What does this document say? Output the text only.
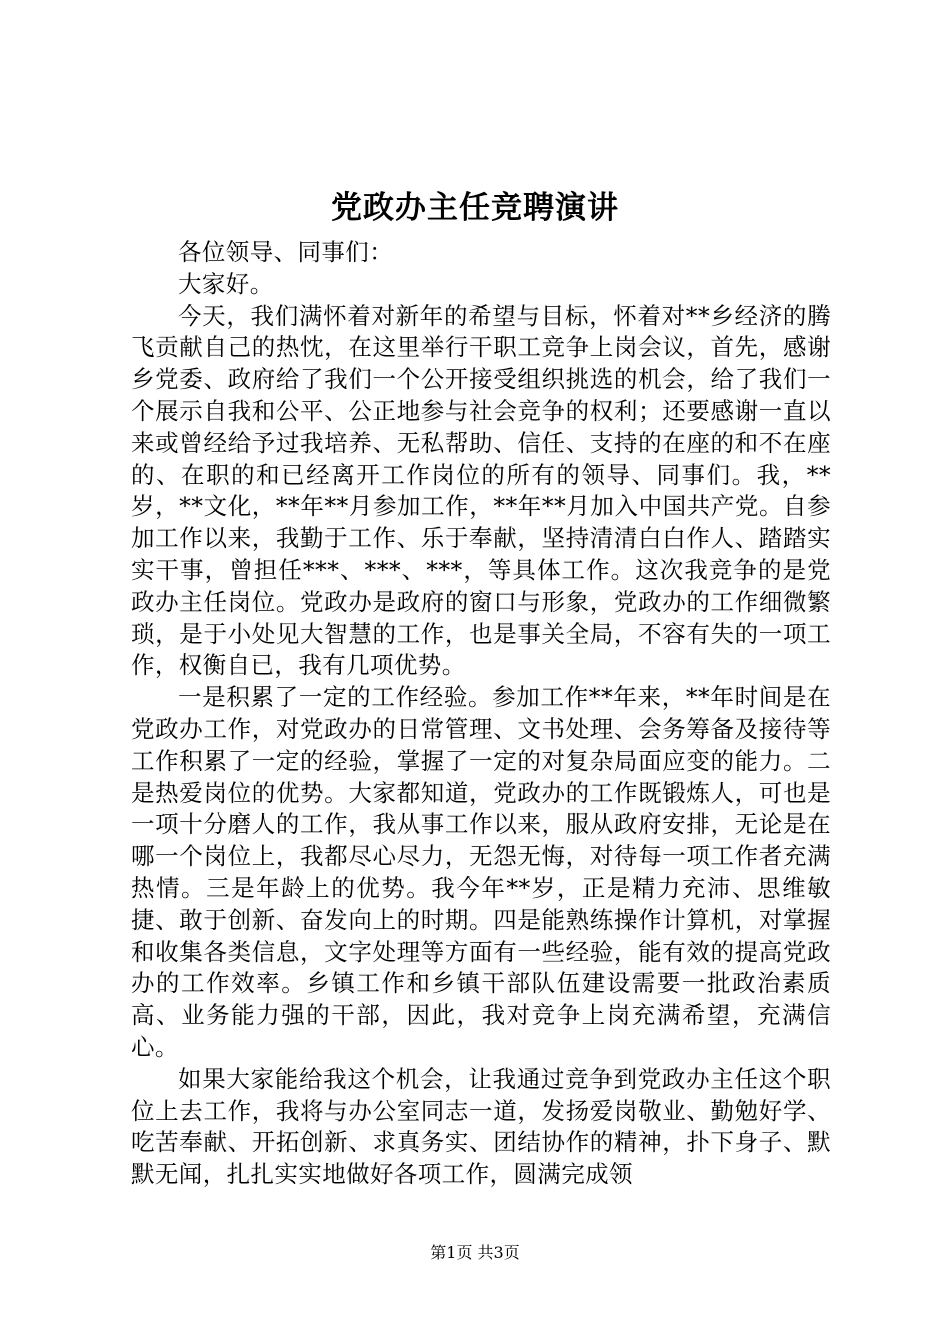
党政办主任竞聘演讲

各位领导、同事们：

大家好。

今天，我们满怀着对新年的希望与目标，怀着对**乡经济的腾飞贡献自己的热忱，在这里举行干职工竞争上岗会议，首先，感谢乡党委、政府给了我们一个公开接受组织挑选的机会，给了我们一个展示自我和公平、公正地参与社会竞争的权利；还要感谢一直以来或曾经给予过我培养、无私帮助、信任、支持的在座的和不在座的、在职的和已经离开工作岗位的所有的领导、同事们。我，**岁，**文化，**年**月参加工作，**年**月加入中国共产党。自参加工作以来，我勤于工作、乐于奉献，坚持清清白白作人、踏踏实实干事，曾担任***、***、***，等具体工作。这次我竞争的是党政办主任岗位。党政办是政府的窗口与形象，党政办的工作细微繁琐，是于小处见大智慧的工作，也是事关全局，不容有失的一项工作，权衡自已，我有几项优势。

一是积累了一定的工作经验。参加工作**年来，**年时间是在党政办工作，对党政办的日常管理、文书处理、会务筹备及接待等工作积累了一定的经验，掌握了一定的对复杂局面应变的能力。二是热爱岗位的优势。大家都知道，党政办的工作既锻炼人，可也是一项十分磨人的工作，我从事工作以来，服从政府安排，无论是在哪一个岗位上，我都尽心尽力，无怨无悔，对待每一项工作者充满热情。三是年龄上的优势。我今年**岁，正是精力充沛、思维敏捷、敢于创新、奋发向上的时期。四是能熟练操作计算机，对掌握和收集各类信息，文字处理等方面有一些经验，能有效的提高党政办的工作效率。乡镇工作和乡镇干部队伍建设需要一批政治素质高、业务能力强的干部，因此，我对竞争上岗充满希望，充满信心。

如果大家能给我这个机会，让我通过竞争到党政办主任这个职位上去工作，我将与办公室同志一道，发扬爱岗敬业、勤勉好学、吃苦奉献、开拓创新、求真务实、团结协作的精神，扑下身子、默默无闻，扎扎实实地做好各项工作，圆满完成领

第1页 共3页
